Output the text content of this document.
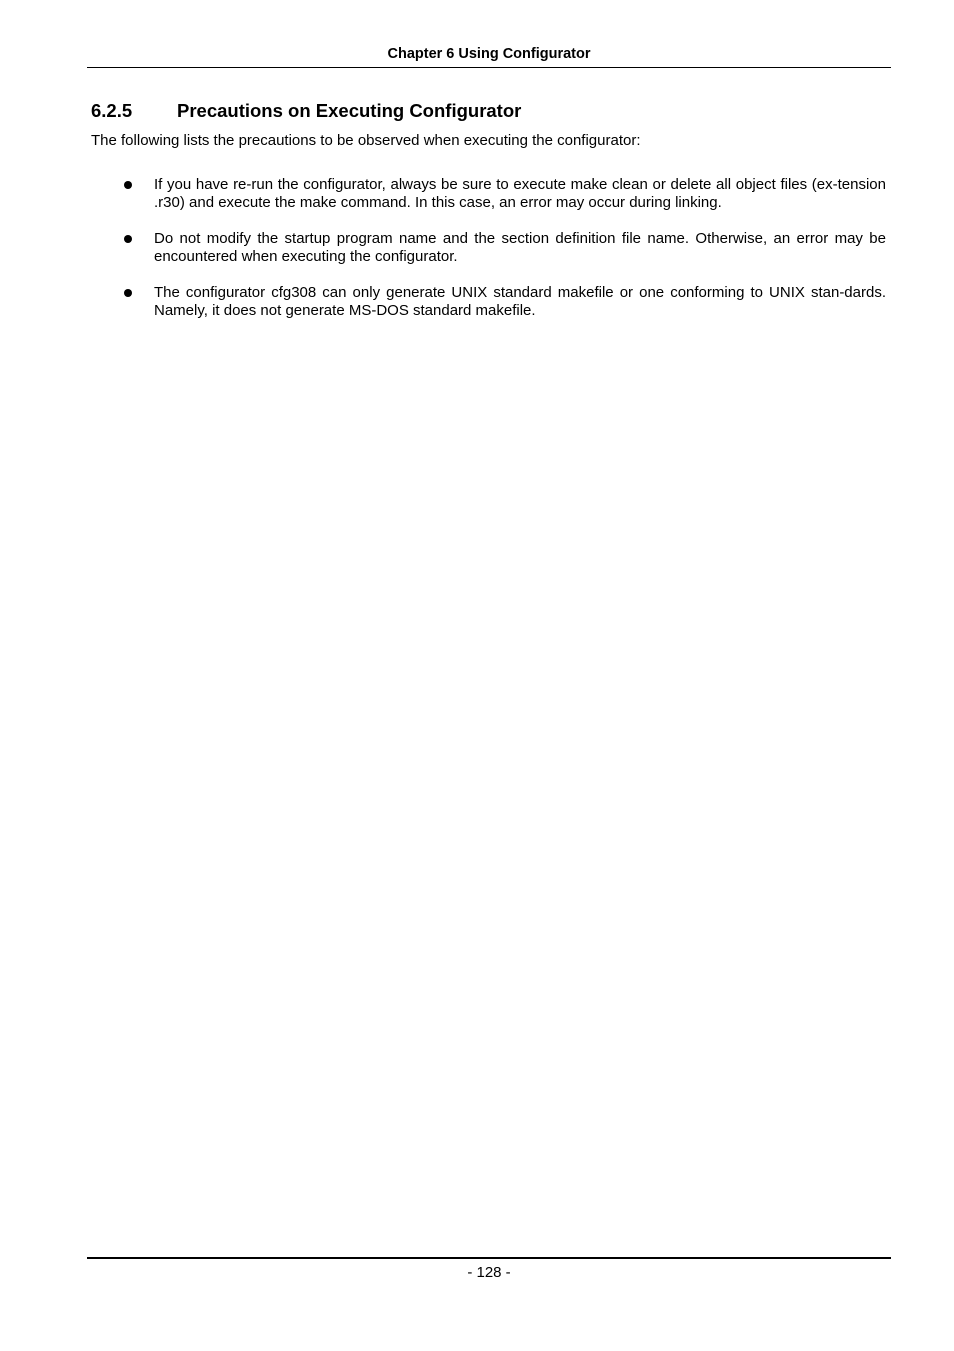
Chapter 6 Using Configurator
6.2.5 Precautions on Executing Configurator
The following lists the precautions to be observed when executing the configurator:
If you have re-run the configurator, always be sure to execute make clean or delete all object files (ex-tension .r30) and execute the make command. In this case, an error may occur during linking.
Do not modify the startup program name and the section definition file name. Otherwise, an error may be encountered when executing the configurator.
The configurator cfg308 can only generate UNIX standard makefile or one conforming to UNIX stan-dards. Namely, it does not generate MS-DOS standard makefile.
- 128 -
